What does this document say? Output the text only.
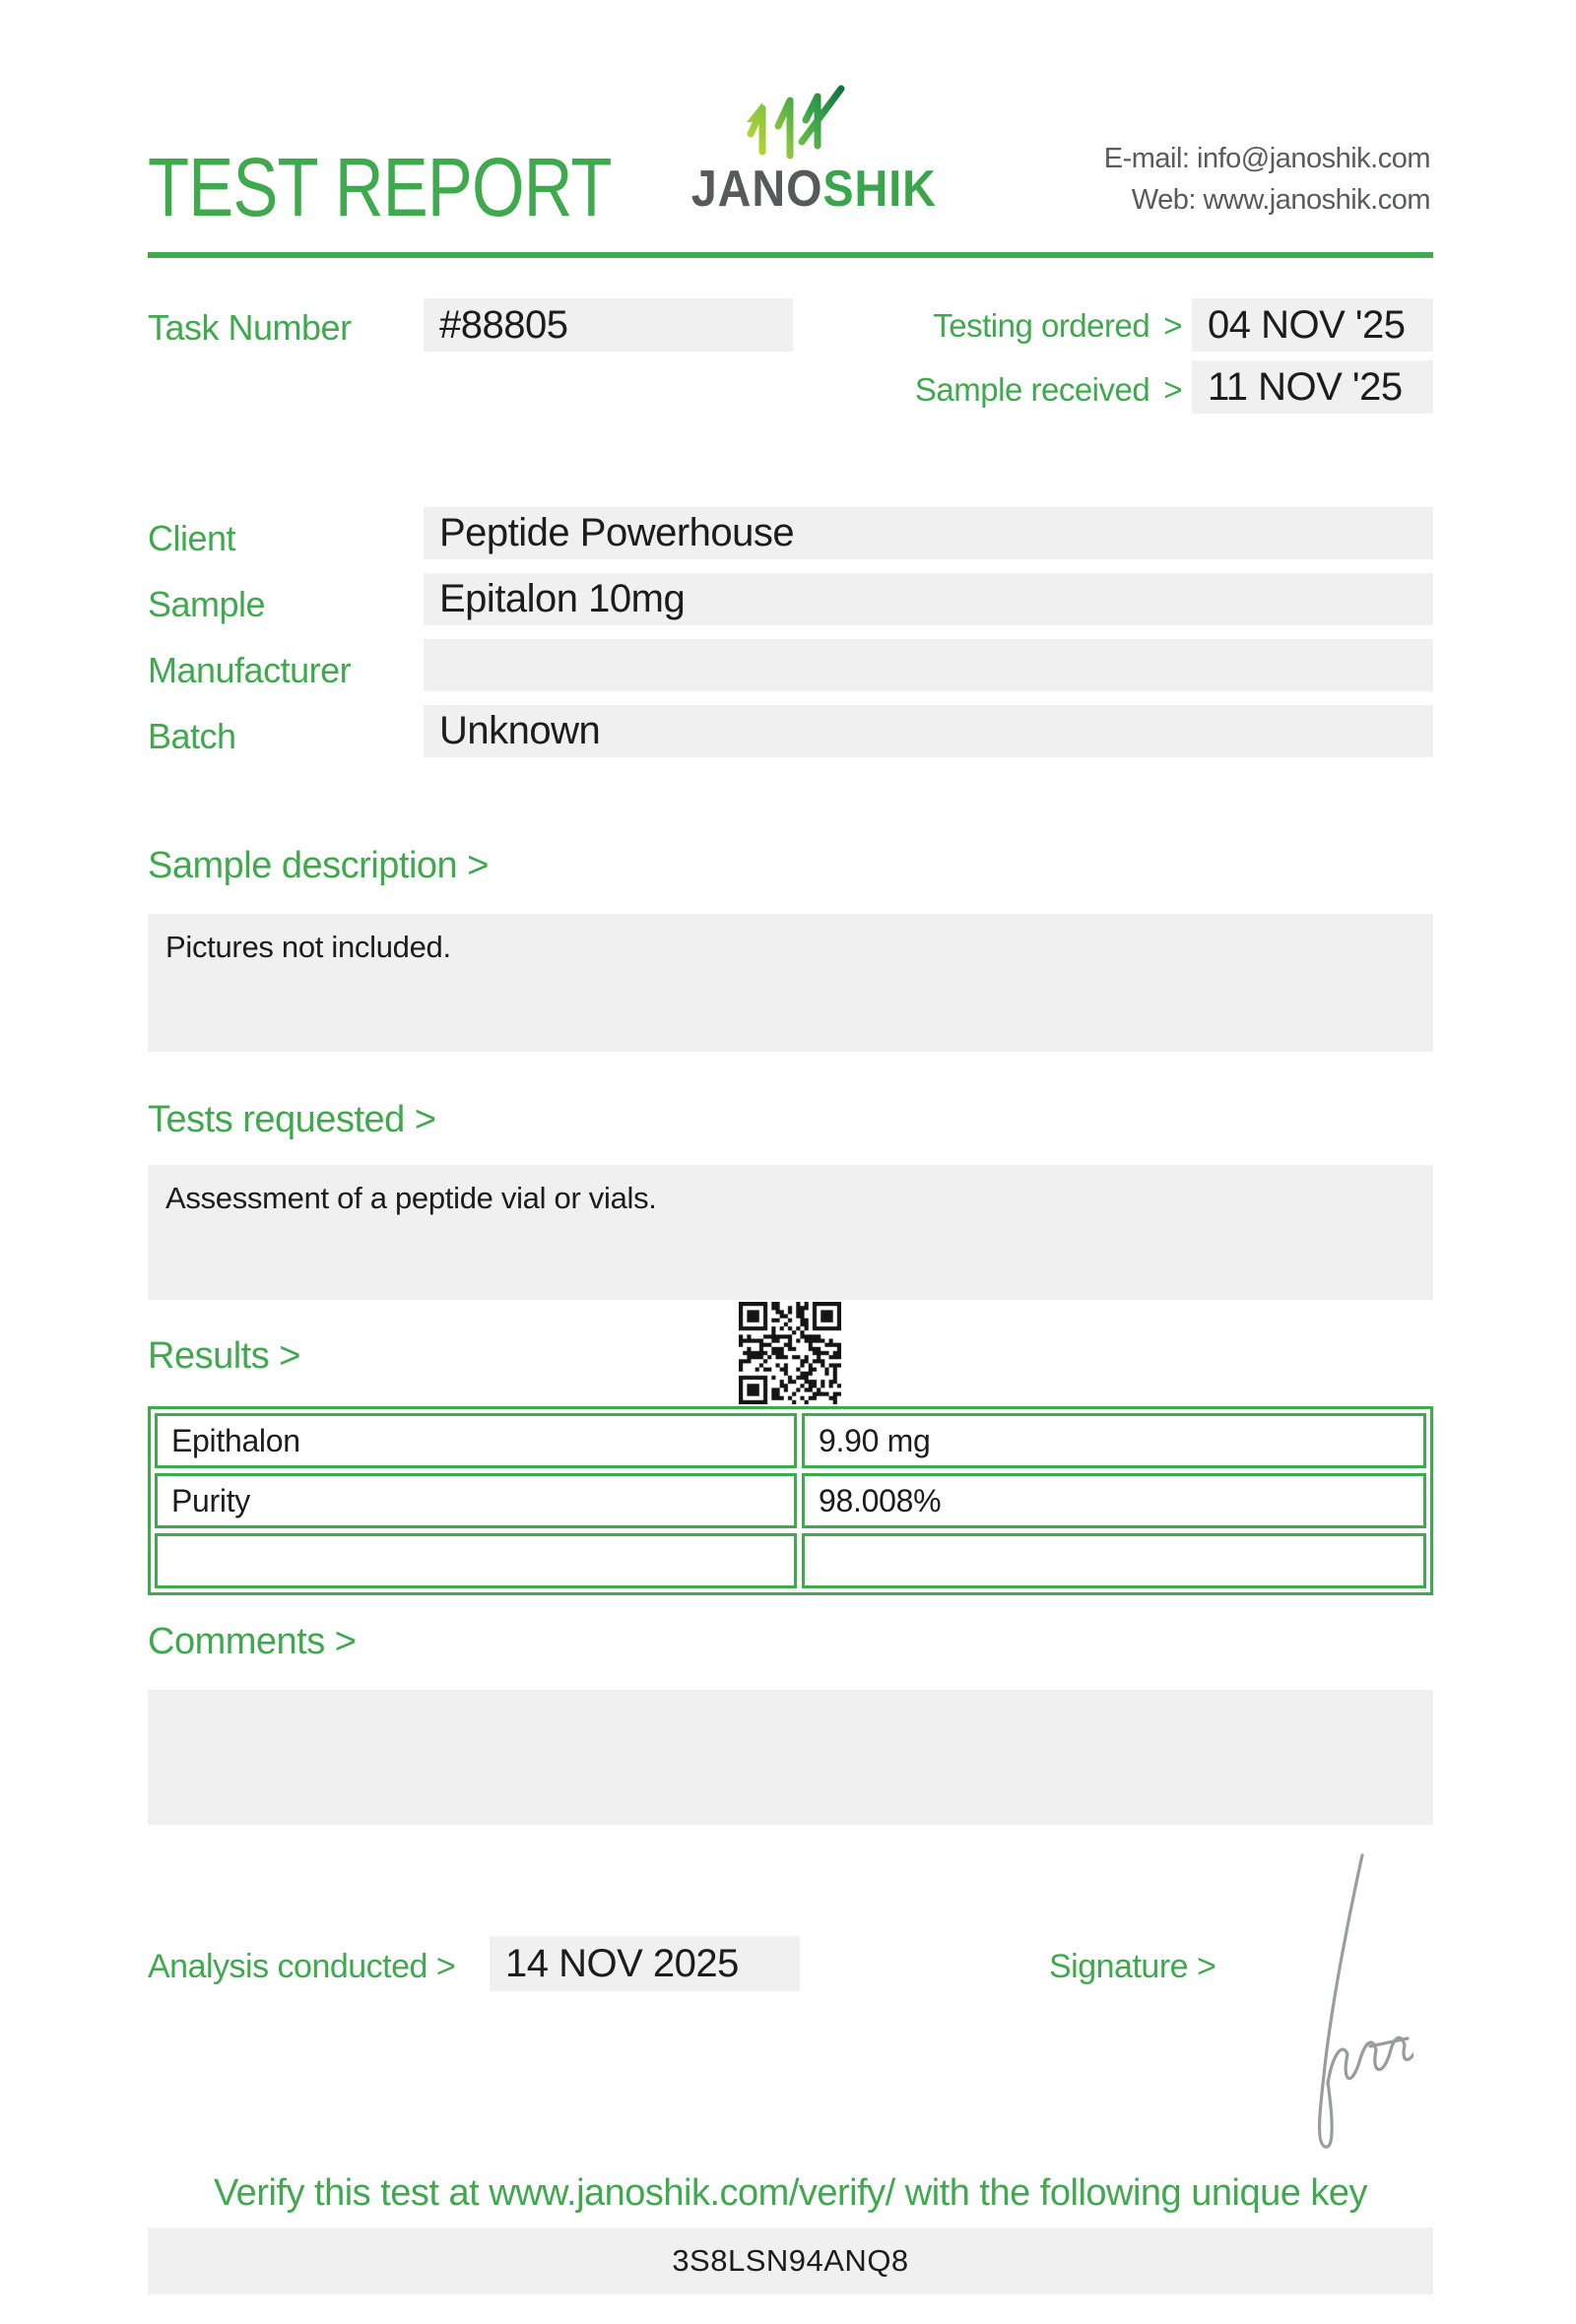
TEST REPORT JANOSHIK
E-mail: info@janoshik.com
Web: www.janoshik.com
Task Number	#88805	Testing ordered > 04 NOV '25
Sample received > 11 NOV '25
Client	Peptide Powerhouse
Sample	Epitalon 10mg
Manufacturer
Batch	Unknown
Sample description >
Pictures not included.
Tests requested >
Assessment of a peptide vial or vials.
Results >
Epithalon	9.90 mg
Purity	98.008%
Comments >
Analysis conducted >	14 NOV 2025	Signature >
Verify this test at www.janoshik.com/verify/ with the following unique key
3S8LSN94ANQ8
